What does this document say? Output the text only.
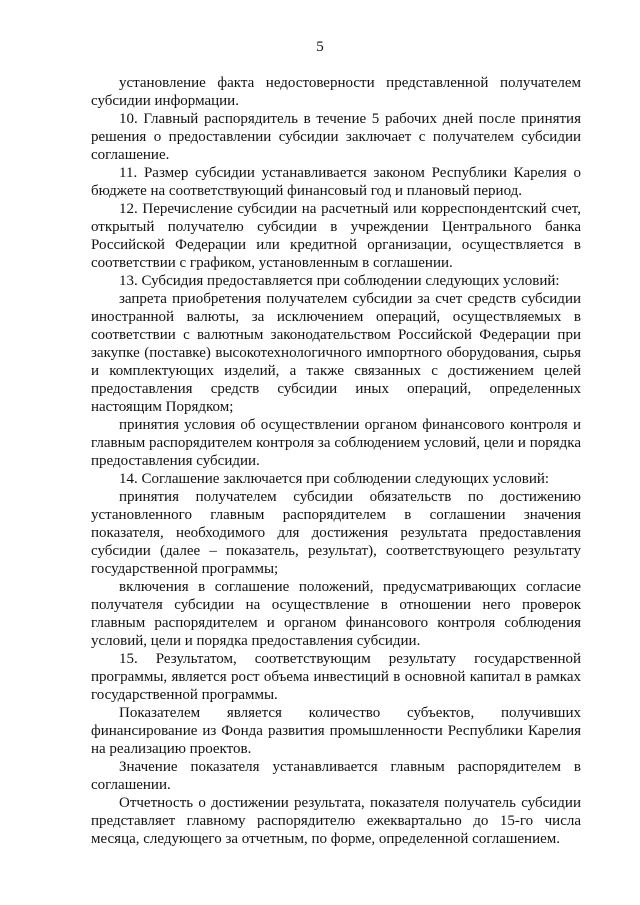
5

установление факта недостоверности представленной получателем субсидии информации.

10. Главный распорядитель в течение 5 рабочих дней после принятия решения о предоставлении субсидии заключает с получателем субсидии соглашение.

11. Размер субсидии устанавливается законом Республики Карелия о бюджете на соответствующий финансовый год и плановый период.

12. Перечисление субсидии на расчетный или корреспондентский счет, открытый получателю субсидии в учреждении Центрального банка Российской Федерации или кредитной организации, осуществляется в соответствии с графиком, установленным в соглашении.

13. Субсидия предоставляется при соблюдении следующих условий:

запрета приобретения получателем субсидии за счет средств субсидии иностранной валюты, за исключением операций, осуществляемых в соответствии с валютным законодательством Российской Федерации при закупке (поставке) высокотехнологичного импортного оборудования, сырья и комплектующих изделий, а также связанных с достижением целей предоставления средств субсидии иных операций, определенных настоящим Порядком;

принятия условия об осуществлении органом финансового контроля и главным распорядителем контроля за соблюдением условий, цели и порядка предоставления субсидии.

14. Соглашение заключается при соблюдении следующих условий:

принятия получателем субсидии обязательств по достижению установленного главным распорядителем в соглашении значения показателя, необходимого для достижения результата предоставления субсидии (далее – показатель, результат), соответствующего результату государственной программы;

включения в соглашение положений, предусматривающих согласие получателя субсидии на осуществление в отношении него проверок главным распорядителем и органом финансового контроля соблюдения условий, цели и порядка предоставления субсидии.

15. Результатом, соответствующим результату государственной программы, является рост объема инвестиций в основной капитал в рамках государственной программы.

Показателем является количество субъектов, получивших финансирование из Фонда развития промышленности Республики Карелия на реализацию проектов.

Значение показателя устанавливается главным распорядителем в соглашении.

Отчетность о достижении результата, показателя получатель субсидии представляет главному распорядителю ежеквартально до 15-го числа месяца, следующего за отчетным, по форме, определенной соглашением.
